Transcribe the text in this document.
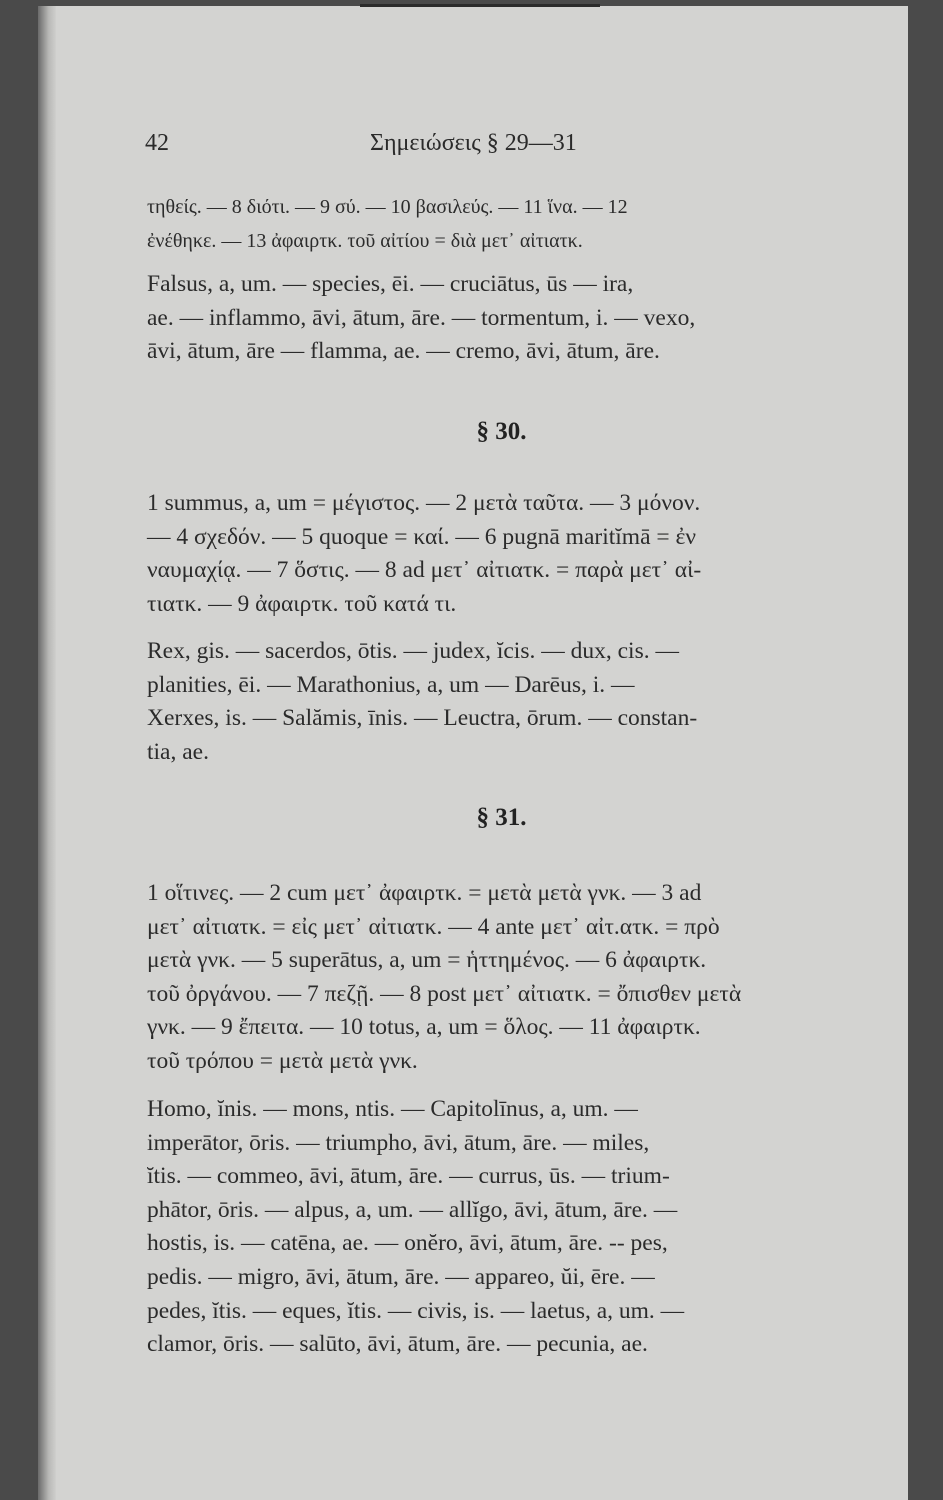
42	Σημειώσεις § 29—31
τηθείς. — 8 διότι. — 9 σύ. — 10 βασιλεύς. — 11 ἵνα. — 12
ἐνέθηκε. — 13 ἀφαιρτκ. τοῦ αἰτίου = διὰ μετ᾽ αἰτιατκ.
Falsus, a, um. — species, ēi. — cruciātus, ūs — ira,
ae. — inflammo, āvi, ātum, āre. — tormentum, i. — vexo,
āvi, ātum, āre — flamma, ae. — cremo, āvi, ātum, āre.
§ 30.
1 summus, a, um = μέγιστος. — 2 μετὰ ταῦτα. — 3 μόνον.
— 4 σχεδόν. — 5 quoque = καί. — 6 pugnā maritĭmā = ἐν
ναυμαχίᾳ. — 7 ὅστις. — 8 ad μετ᾽ αἰτιατκ. = παρὰ μετ᾽ αἰ-
τιατκ. — 9 ἀφαιρτκ. τοῦ κατά τι.
Rex, gis. — sacerdos, ōtis. — judex, ĭcis. — dux, cis. —
planities, ēi. — Marathonius, a, um — Darēus, i. —
Xerxes, is. — Salămis, īnis. — Leuctra, ōrum. — constan-
tia, ae.
§ 31.
1 οἵτινες. — 2 cum μετ᾽ ἀφαιρτκ. = μετὰ μετὰ γνκ. — 3 ad
μετ᾽ αἰτιατκ. = εἰς μετ᾽ αἰτιατκ. — 4 ante μετ᾽ αἰτ.ατκ. = πρὸ
μετὰ γνκ. — 5 superātus, a, um = ἡττημένος. — 6 ἀφαιρτκ.
τοῦ ὀργάνου. — 7 πεζῇ. — 8 post μετ᾽ αἰτιατκ. = ὄπισθεν μετὰ
γνκ. — 9 ἔπειτα. — 10 totus, a, um = ὅλος. — 11 ἀφαιρτκ.
τοῦ τρόπου = μετὰ μετὰ γνκ.
Homo, ĭnis. — mons, ntis. — Capitolīnus, a, um. —
imperātor, ōris. — triumpho, āvi, ātum, āre. — miles,
ĭtis. — commeo, āvi, ātum, āre. — currus, ūs. — trium-
phātor, ōris. — alpus, a, um. — allĭgo, āvi, ātum, āre. —
hostis, is. — catēna, ae. — onĕro, āvi, ātum, āre. -- pes,
pedis. — migro, āvi, ātum, āre. — appareo, ŭi, ēre. —
pedes, ĭtis. — eques, ĭtis. — civis, is. — laetus, a, um. —
clamor, ōris. — salūto, āvi, ātum, āre. — pecunia, ae.
